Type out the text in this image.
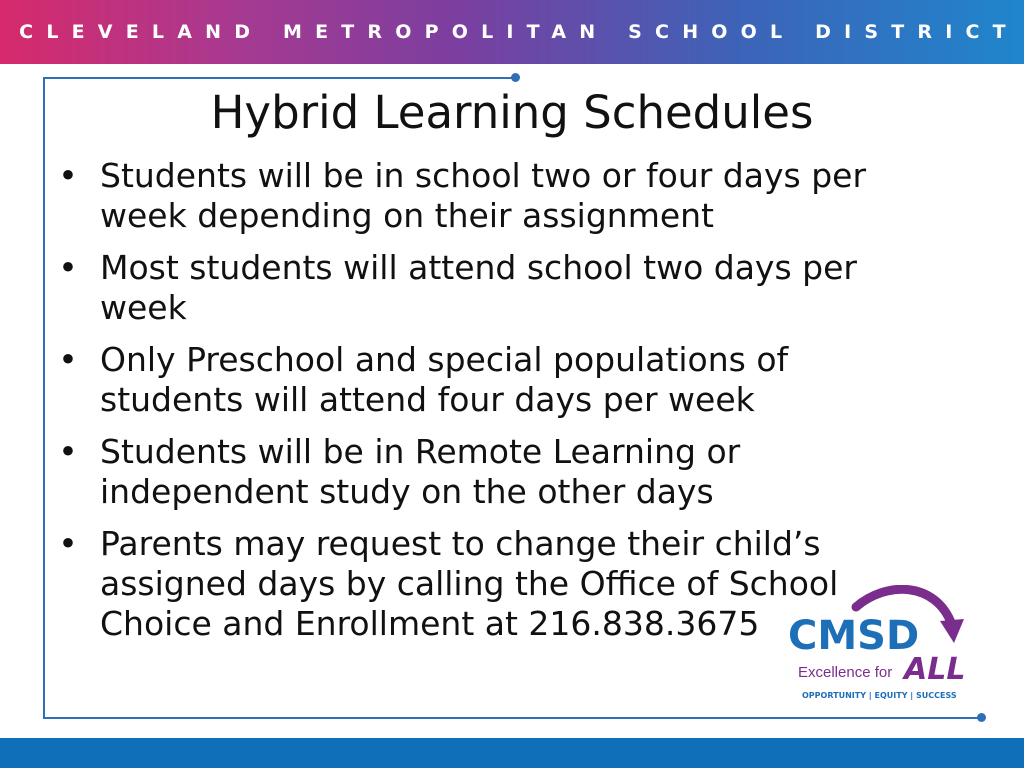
CLEVELAND METROPOLITAN SCHOOL DISTRICT
Hybrid Learning Schedules
• Students will be in school two or four days per week depending on their assignment
• Most students will attend school two days per week
• Only Preschool and special populations of students will attend four days per week
• Students will be in Remote Learning or independent study on the other days
• Parents may request to change their child’s assigned days by calling the Office of School Choice and Enrollment at 216.838.3675 CMSD
Excellence for ALL
OPPORTUNITY | EQUITY | SUCCESS
